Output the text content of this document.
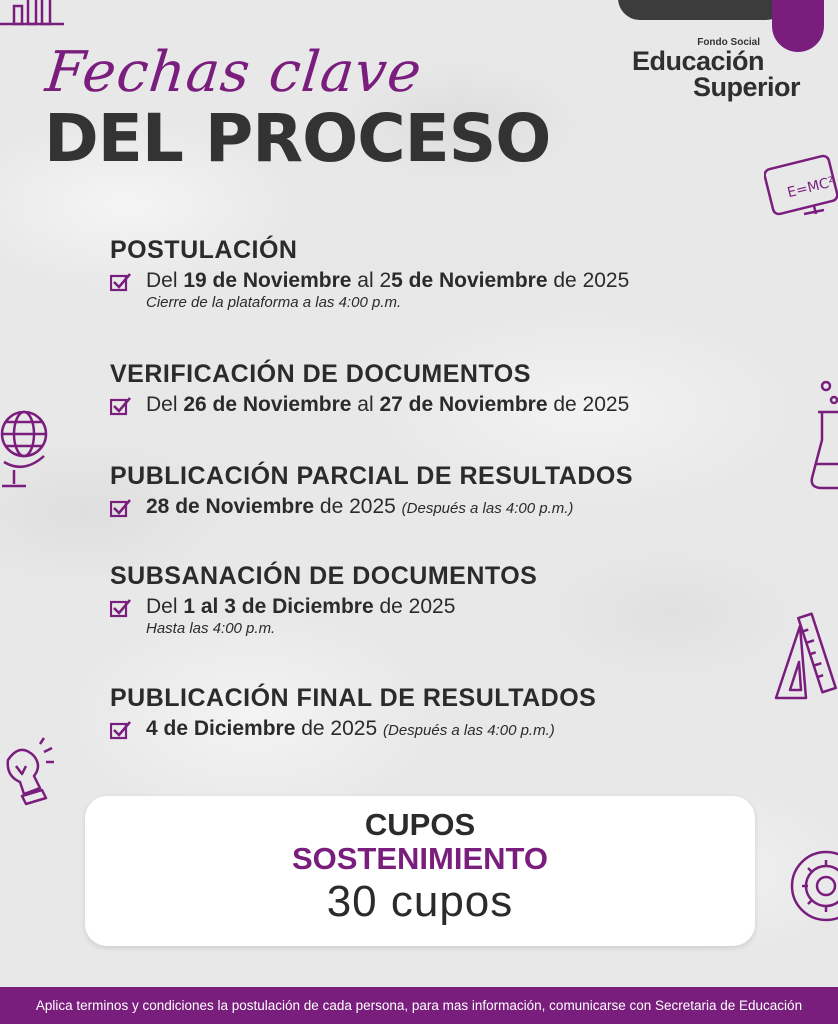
Fondo Social
Educación
Superior
Fechas clave
DEL PROCESO
E=MC²
POSTULACIÓN
Del 19 de Noviembre al 25 de Noviembre de 2025
Cierre de la plataforma a las 4:00 p.m.
VERIFICACIÓN DE DOCUMENTOS
Del 26 de Noviembre al 27 de Noviembre de 2025
PUBLICACIÓN PARCIAL DE RESULTADOS
28 de Noviembre de 2025 (Después a las 4:00 p.m.)
SUBSANACIÓN DE DOCUMENTOS
Del 1 al 3 de Diciembre de 2025
Hasta las 4:00 p.m.
PUBLICACIÓN FINAL DE RESULTADOS
4 de Diciembre de 2025 (Después a las 4:00 p.m.)
CUPOS
SOSTENIMIENTO
30 cupos
Aplica terminos y condiciones la postulación de cada persona, para mas información, comunicarse con Secretaria de Educación
